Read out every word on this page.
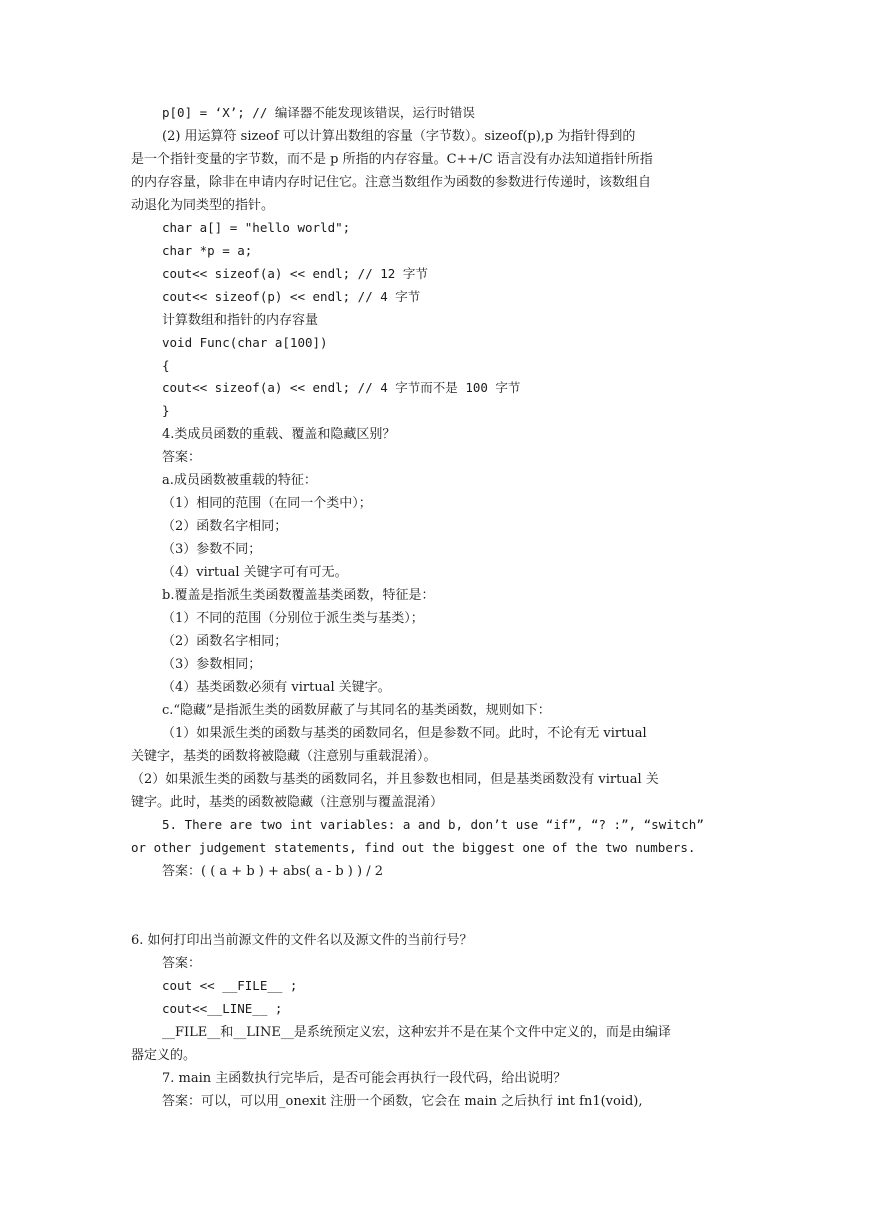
p[0] = ‘X’; // 编译器不能发现该错误，运行时错误
(2) 用运算符 sizeof 可以计算出数组的容量（字节数）。sizeof(p),p 为指针得到的
是一个指针变量的字节数，而不是 p 所指的内存容量。C++/C 语言没有办法知道指针所指
的内存容量，除非在申请内存时记住它。注意当数组作为函数的参数进行传递时，该数组自
动退化为同类型的指针。
char a[] = "hello world";
char *p = a;
cout<< sizeof(a) << endl; // 12 字节
cout<< sizeof(p) << endl; // 4 字节
计算数组和指针的内存容量
void Func(char a[100])
{
cout<< sizeof(a) << endl; // 4 字节而不是 100 字节
}
4.类成员函数的重载、覆盖和隐藏区别？
答案：
a.成员函数被重载的特征：
（1）相同的范围（在同一个类中）；
（2）函数名字相同；
（3）参数不同；
（4）virtual 关键字可有可无。
b.覆盖是指派生类函数覆盖基类函数，特征是：
（1）不同的范围（分别位于派生类与基类）；
（2）函数名字相同；
（3）参数相同；
（4）基类函数必须有 virtual 关键字。
c.“隐藏”是指派生类的函数屏蔽了与其同名的基类函数，规则如下：
（1）如果派生类的函数与基类的函数同名，但是参数不同。此时，不论有无 virtual
关键字，基类的函数将被隐藏（注意别与重载混淆）。
（2）如果派生类的函数与基类的函数同名，并且参数也相同，但是基类函数没有 virtual 关
键字。此时，基类的函数被隐藏（注意别与覆盖混淆）
5. There are two int variables: a and b, don’t use “if”, “? :”, “switch”
or other judgement statements, find out the biggest one of the two numbers.
答案：( ( a + b ) + abs( a - b ) ) / 2
6. 如何打印出当前源文件的文件名以及源文件的当前行号？
答案：
cout << __FILE__ ;
cout<<__LINE__ ;
__FILE__和__LINE__是系统预定义宏，这种宏并不是在某个文件中定义的，而是由编译
器定义的。
7. main 主函数执行完毕后，是否可能会再执行一段代码，给出说明？
答案：可以，可以用_onexit 注册一个函数，它会在 main 之后执行 int fn1(void),
